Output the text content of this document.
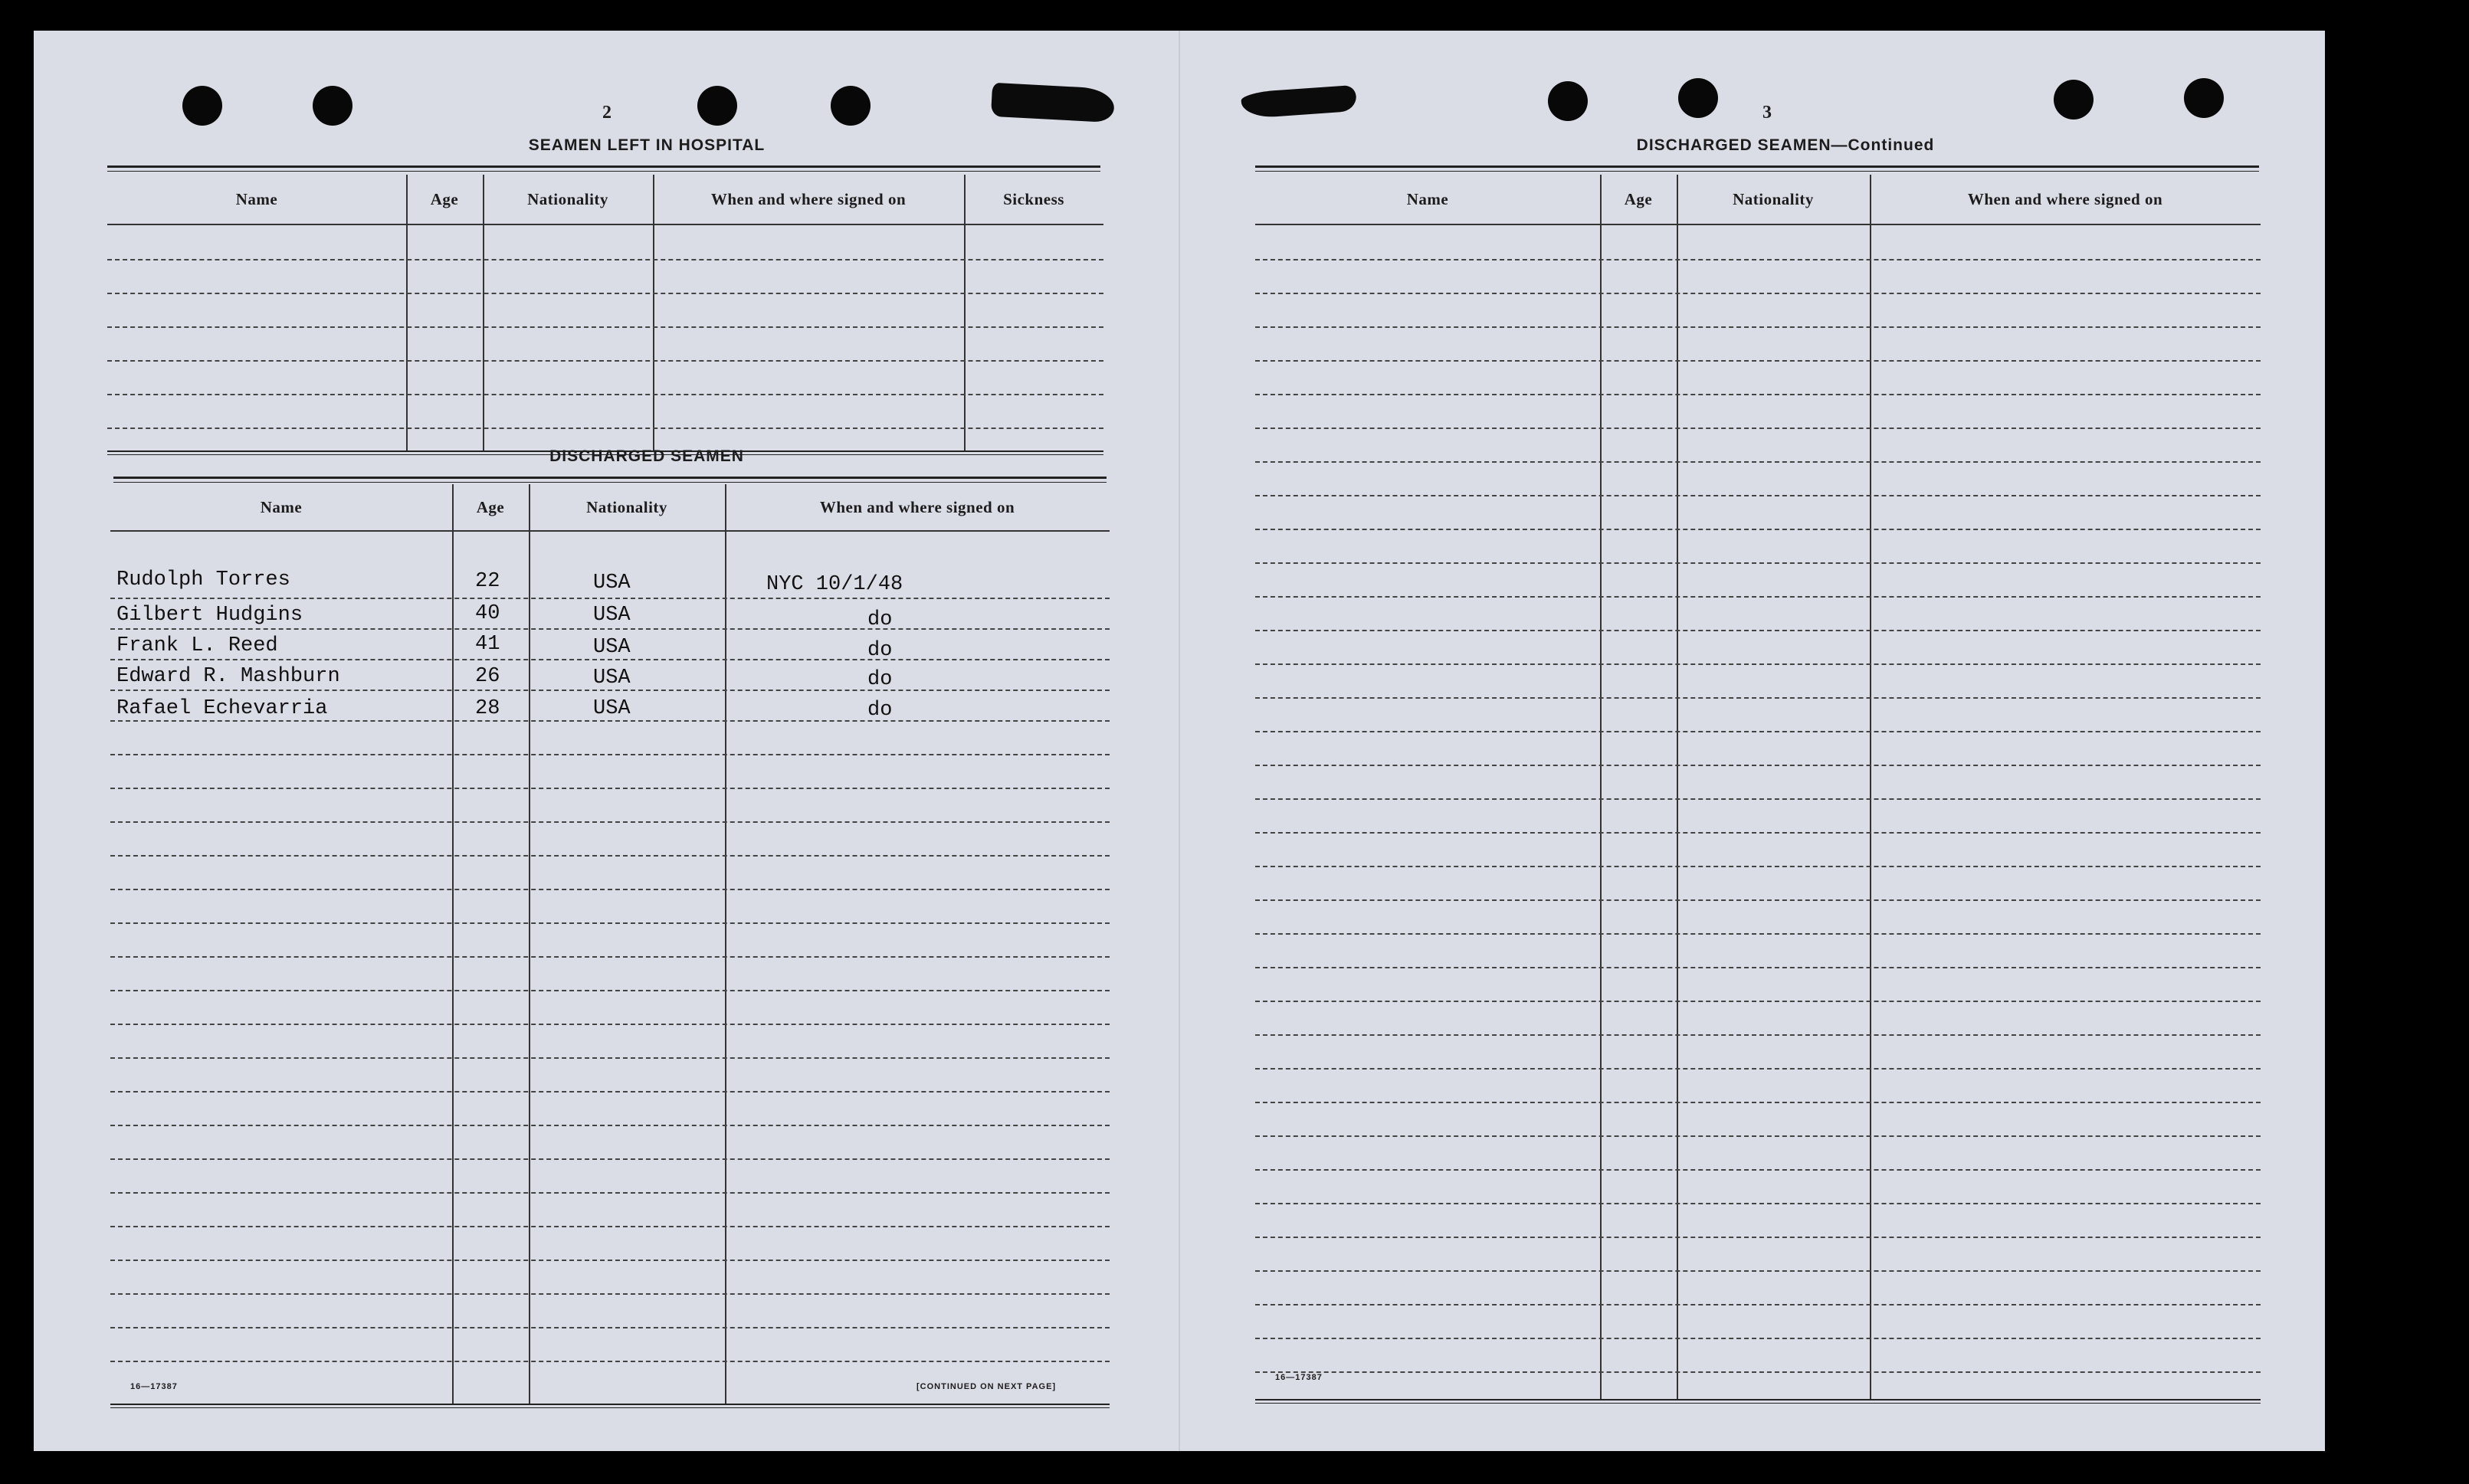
2
SEAMEN LEFT IN HOSPITAL
Name	Age	Nationality	When and where signed on	Sickness
DISCHARGED SEAMEN
Name	Age	Nationality	When and where signed on
Rudolph Torres	22	USA	NYC 10/1/48
Gilbert Hudgins	40	USA	do
Frank L. Reed	41	USA	do
Edward R. Mashburn	26	USA	do
Rafael Echevarria	28	USA	do
16—17387	[CONTINUED ON NEXT PAGE]
3
DISCHARGED SEAMEN—Continued
Name	Age	Nationality	When and where signed on
16—17387
